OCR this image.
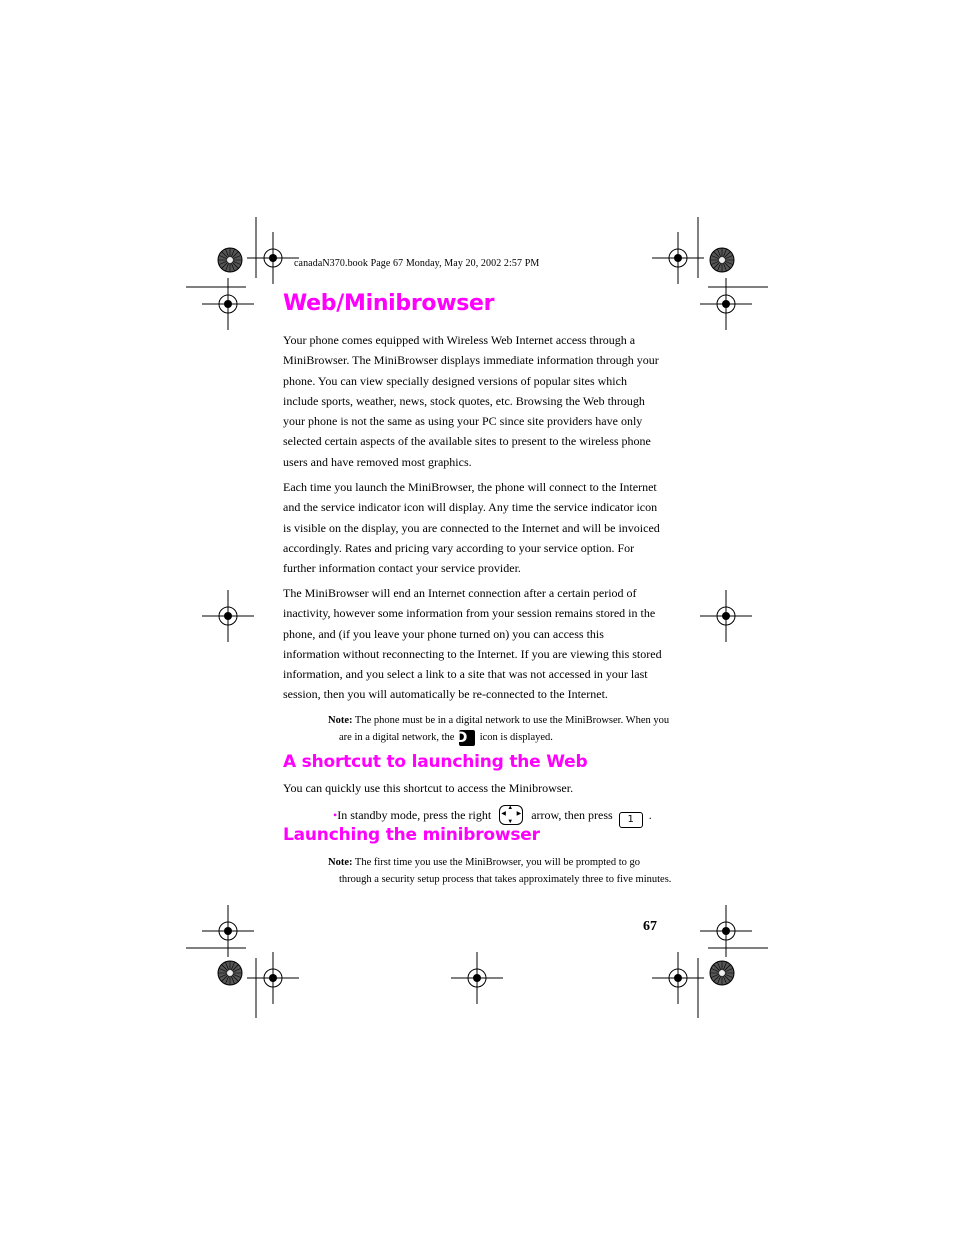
canadaN370.book Page 67 Monday, May 20, 2002 2:57 PM
Web/Minibrowser

Your phone comes equipped with Wireless Web Internet access through a MiniBrowser. The MiniBrowser displays immediate information through your phone. You can view specially designed versions of popular sites which include sports, weather, news, stock quotes, etc. Browsing the Web through your phone is not the same as using your PC since site providers have only selected certain aspects of the available sites to present to the wireless phone users and have removed most graphics.

Each time you launch the MiniBrowser, the phone will connect to the Internet and the service indicator icon will display. Any time the service indicator icon is visible on the display, you are connected to the Internet and will be invoiced accordingly. Rates and pricing vary according to your service option. For further information contact your service provider.

The MiniBrowser will end an Internet connection after a certain period of inactivity, however some information from your session remains stored in the phone, and (if you leave your phone turned on) you can access this information without reconnecting to the Internet. If you are viewing this stored information, and you select a link to a site that was not accessed in your last session, then you will automatically be re-connected to the Internet.

Note: The phone must be in a digital network to use the MiniBrowser. When you are in a digital network, the D icon is displayed.

A shortcut to launching the Web

You can quickly use this shortcut to access the Minibrowser.

•In standby mode, press the right
▲ ◀ ▶
▼ arrow, then press 1 .
Launching the minibrowser

Note: The first time you use the MiniBrowser, you will be prompted to go through a security setup process that takes approximately three to five minutes.

67
